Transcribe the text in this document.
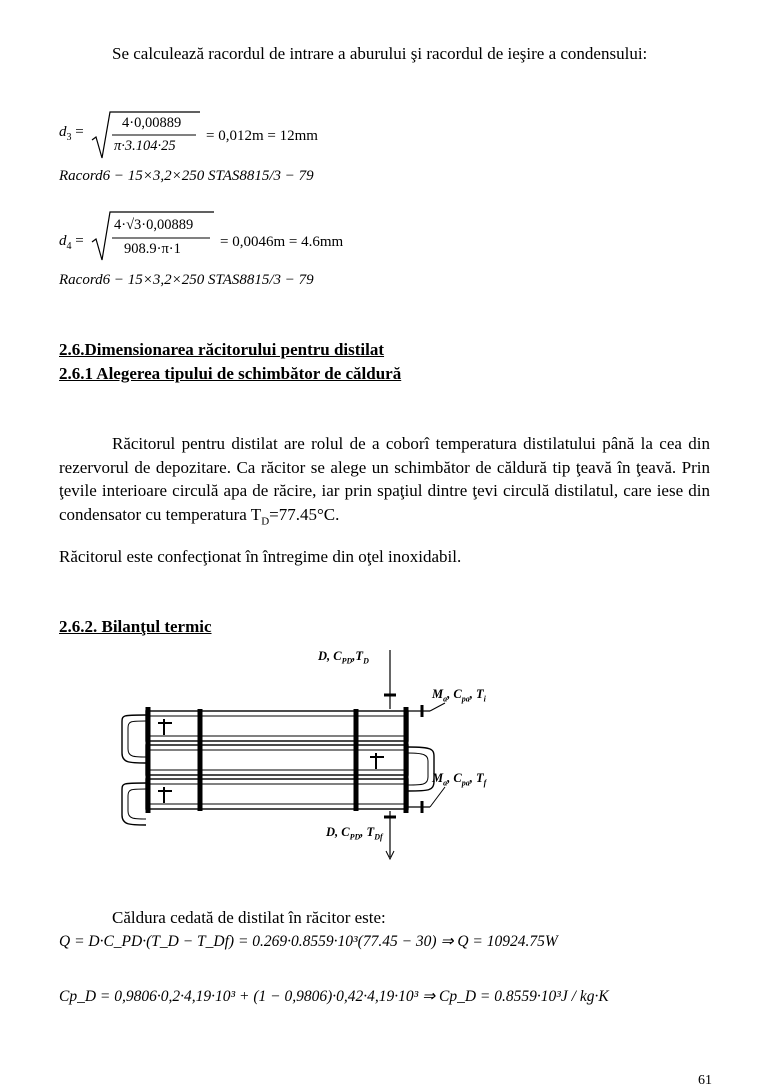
Se calculează racordul de intrare a aburului şi racordul de ieşire a condensului:
$d_3$ =
4·0,00889
π·3.104·25
= 0,012m = 12mm
Racord6 − 15×3,2×250 STAS8815/3 − 79
$d_4$ =
4·√3·0,00889
908.9·π·1	= 0,0046m = 4.6mm
Racord6 − 15×3,2×250 STAS8815/3 − 79
2.6.Dimensionarea răcitorului pentru distilat
2.6.1 Alegerea tipului de schimbător de căldură
Răcitorul pentru distilat are rolul de a coborî temperatura distilatului până la cea din rezervorul de depozitare. Ca răcitor se alege un schimbător de căldură tip ţeavă în ţeavă. Prin ţevile interioare circulă apa de răcire, iar prin spaţiul dintre ţevi circulă distilatul, care iese din condensator cu temperatura $T_D=77.45^\circ C$.
Răcitorul este confecţionat în întregime din oţel inoxidabil.
2.6.2. Bilanţul termic
D, $C_{PD},T_D$
$M_a$, $C_{pa}$, $T_i$
$M_a$, $C_{pa}$, $T_f$
D, $C_{PD}$, $T_{Df}$
Căldura cedată de distilat în răcitor este:
Q = D·C_PD·(T_D − T_Df) = 0.269·0.8559·10³(77.45 − 30) ⇒ Q = 10924.75W
Cp_D = 0,9806·0,2·4,19·10³ + (1 − 0,9806)·0,42·4,19·10³ ⇒ Cp_D = 0.8559·10³J / kg·K
61
